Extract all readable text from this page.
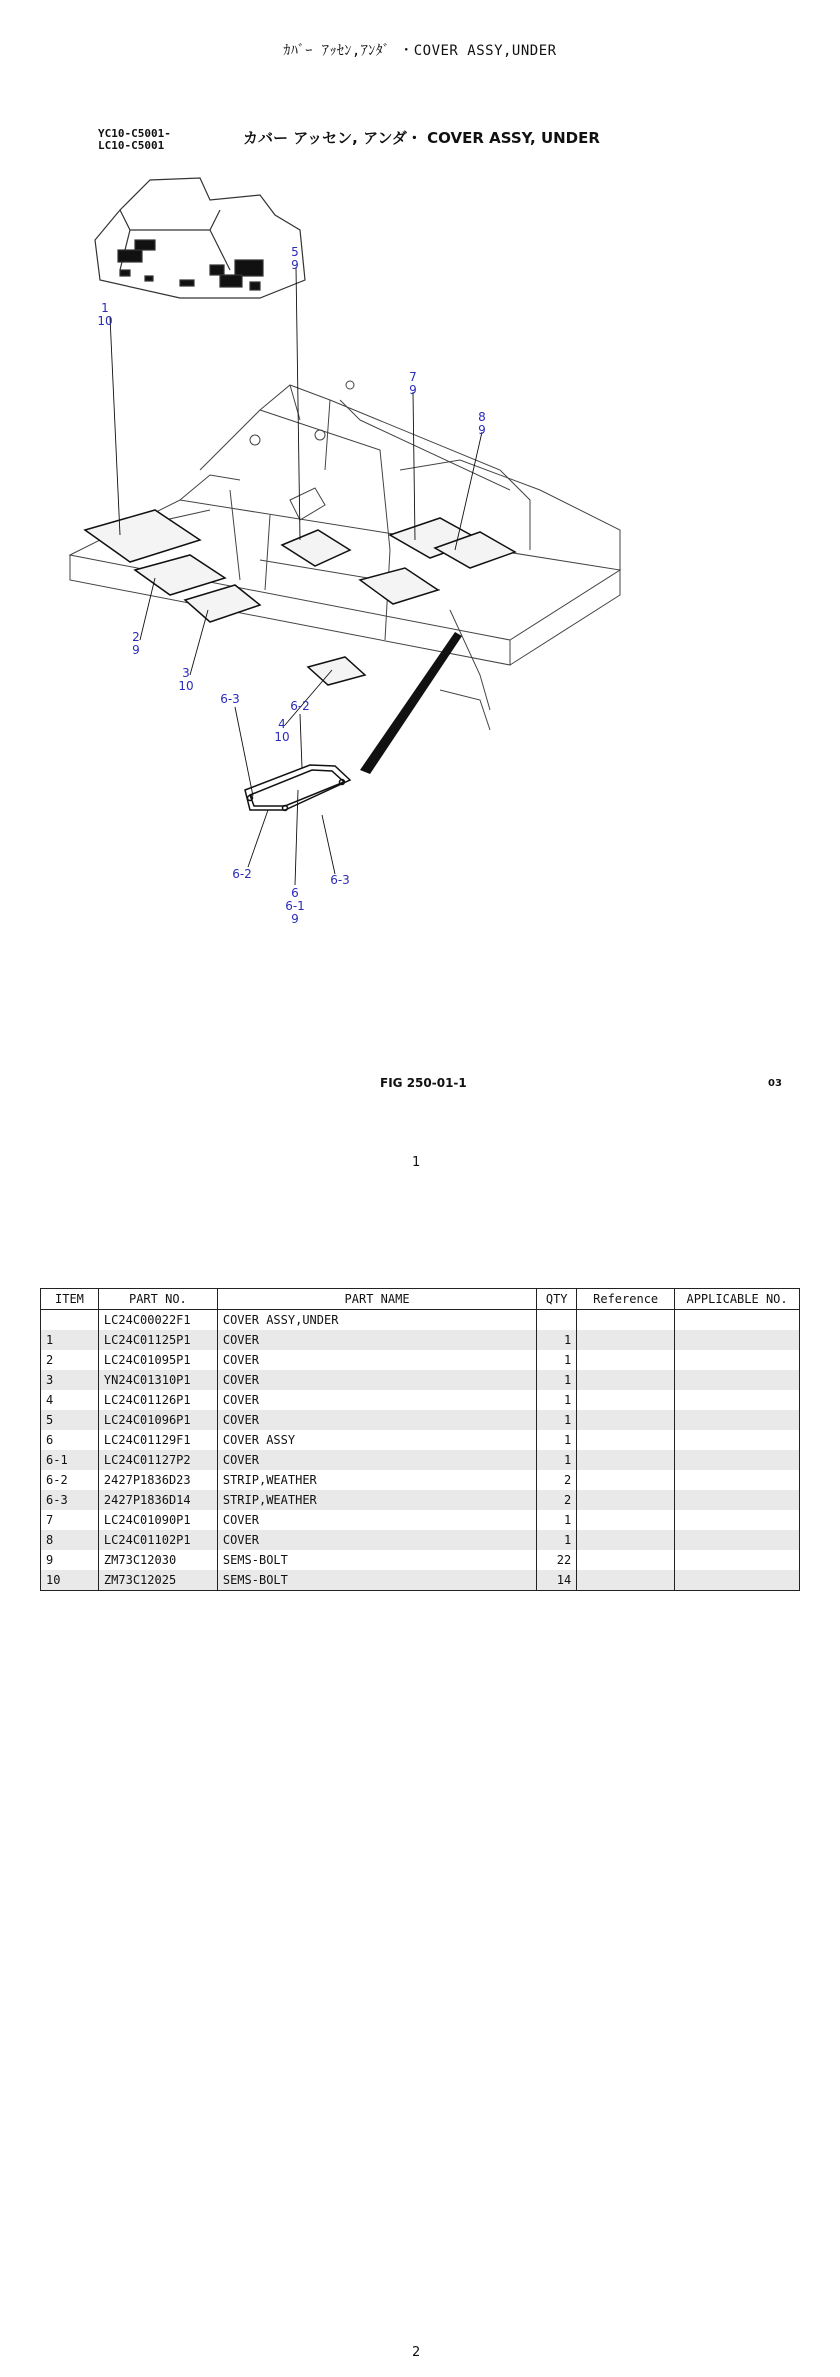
ｶﾊﾞｰ ｱｯｾﾝ,ｱﾝﾀﾞ ・COVER ASSY,UNDER
YC10-C5001-
LC10-C5001	カバー アッセン, アンダ・ COVER ASSY, UNDER
1
10
2
9
3
10
4
10
5
9
7
9
8
9
6-3	6-2
6-2	6-3
6
6-1
9
FIG 250-01-1	03
1
ITEM	PART NO.	PART NAME	QTY	Reference	APPLICABLE NO.
	LC24C00022F1	COVER ASSY,UNDER			
1	LC24C01125P1	COVER	1		
2	LC24C01095P1	COVER	1		
3	YN24C01310P1	COVER	1		
4	LC24C01126P1	COVER	1		
5	LC24C01096P1	COVER	1		
6	LC24C01129F1	COVER ASSY	1		
6-1	LC24C01127P2	COVER	1		
6-2	2427P1836D23	STRIP,WEATHER	2		
6-3	2427P1836D14	STRIP,WEATHER	2		
7	LC24C01090P1	COVER	1		
8	LC24C01102P1	COVER	1		
9	ZM73C12030	SEMS-BOLT	22		
10	ZM73C12025	SEMS-BOLT	14		
2
